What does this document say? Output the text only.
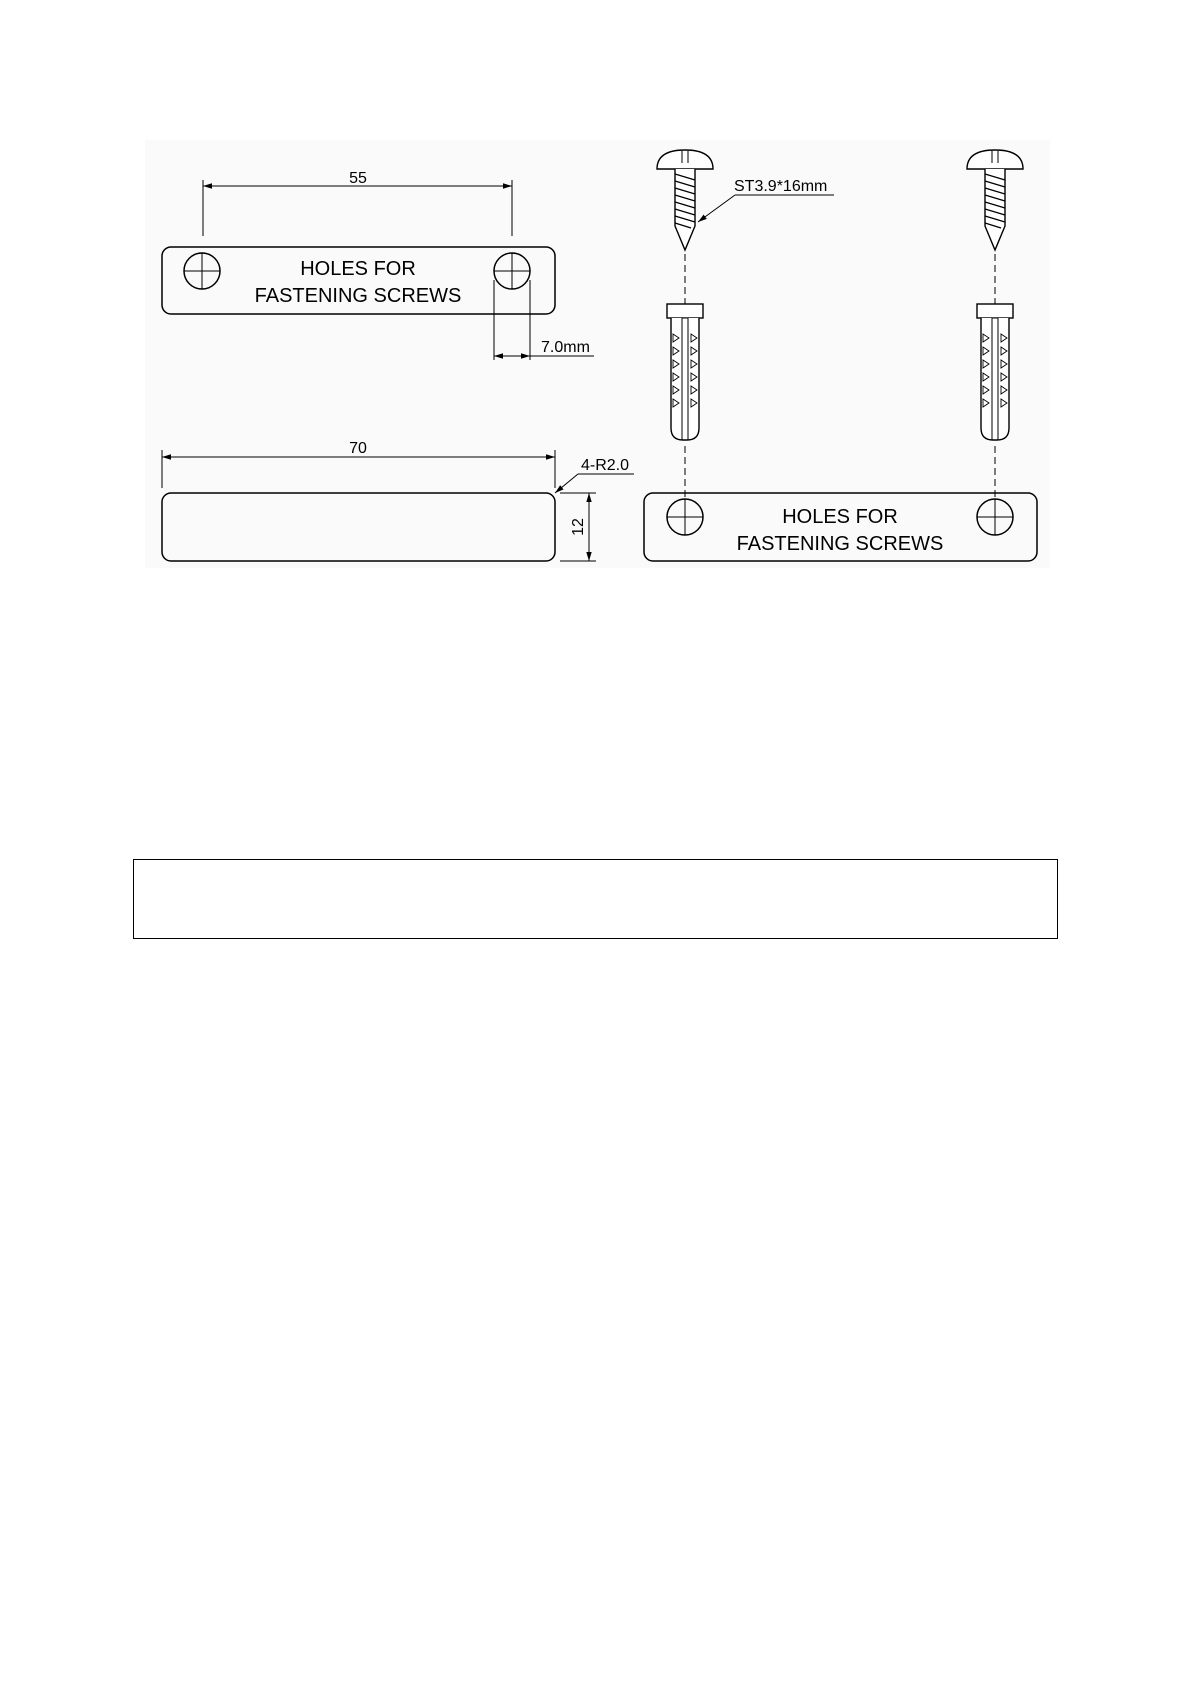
HOLES FOR
FASTENING SCREWS
55
7.0mm
70
4-R2.0
12
ST3.9*16mm
HOLES FOR
FASTENING SCREWS
